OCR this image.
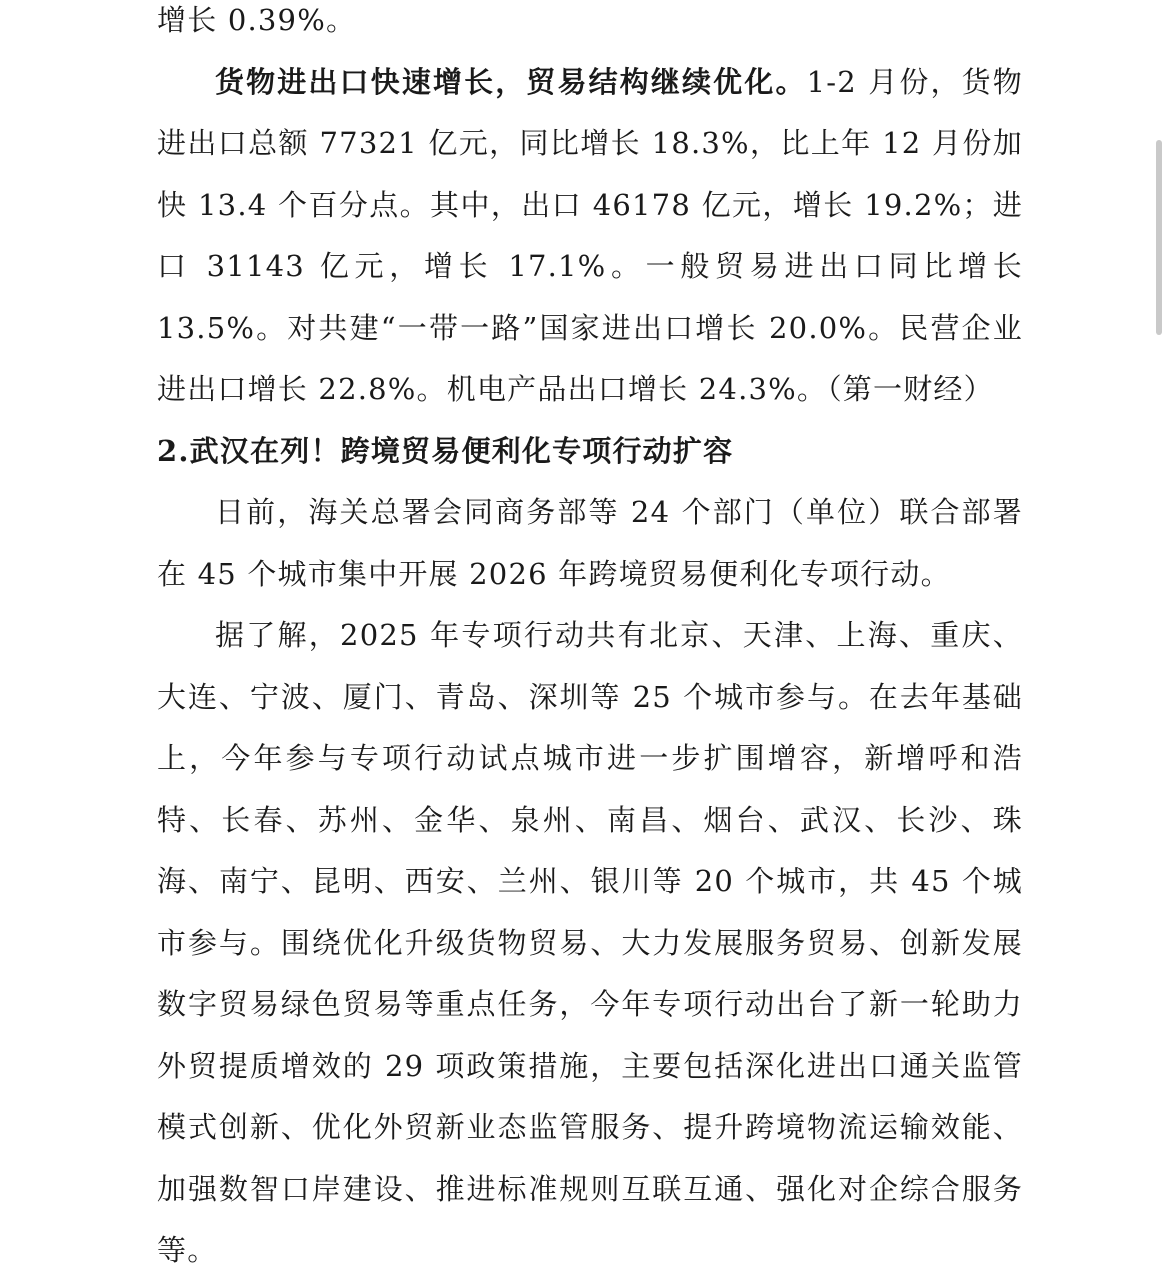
增长 0.39%。

货物进出口快速增长，贸易结构继续优化。1-2 月份，货物进出口总额 77321 亿元，同比增长 18.3%，比上年 12 月份加快 13.4 个百分点。其中，出口 46178 亿元，增长 19.2%；进口 31143 亿元，增长 17.1%。一般贸易进出口同比增长 13.5%。对共建“一带一路”国家进出口增长 20.0%。民营企业进出口增长 22.8%。机电产品出口增长 24.3%。（第一财经）

2.武汉在列！跨境贸易便利化专项行动扩容

日前，海关总署会同商务部等 24 个部门（单位）联合部署在 45 个城市集中开展 2026 年跨境贸易便利化专项行动。

据了解，2025 年专项行动共有北京、天津、上海、重庆、大连、宁波、厦门、青岛、深圳等 25 个城市参与。在去年基础上，今年参与专项行动试点城市进一步扩围增容，新增呼和浩特、长春、苏州、金华、泉州、南昌、烟台、武汉、长沙、珠海、南宁、昆明、西安、兰州、银川等 20 个城市，共 45 个城市参与。围绕优化升级货物贸易、大力发展服务贸易、创新发展数字贸易绿色贸易等重点任务，今年专项行动出台了新一轮助力外贸提质增效的 29 项政策措施，主要包括深化进出口通关监管模式创新、优化外贸新业态监管服务、提升跨境物流运输效能、加强数智口岸建设、推进标准规则互联互通、强化对企综合服务等。
